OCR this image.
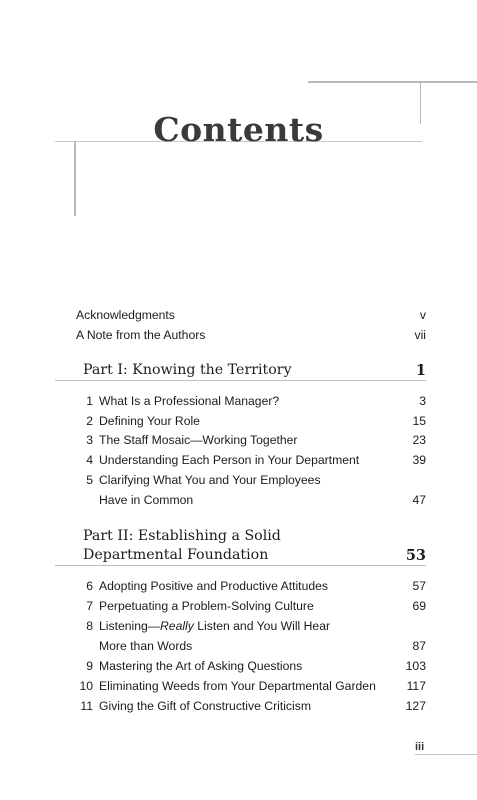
Contents
Acknowledgments	v
A Note from the Authors	vii
Part I: Knowing the Territory	1
1 What Is a Professional Manager?	3
2 Defining Your Role	15
3 The Staff Mosaic—Working Together	23
4 Understanding Each Person in Your Department	39
5 Clarifying What You and Your Employees
Have in Common	47
Part II: Establishing a Solid
Departmental Foundation	53
6 Adopting Positive and Productive Attitudes	57
7 Perpetuating a Problem-Solving Culture	69
8 Listening—Really Listen and You Will Hear
More than Words	87
9 Mastering the Art of Asking Questions	103
10 Eliminating Weeds from Your Departmental Garden	117
11 Giving the Gift of Constructive Criticism	127
iii
